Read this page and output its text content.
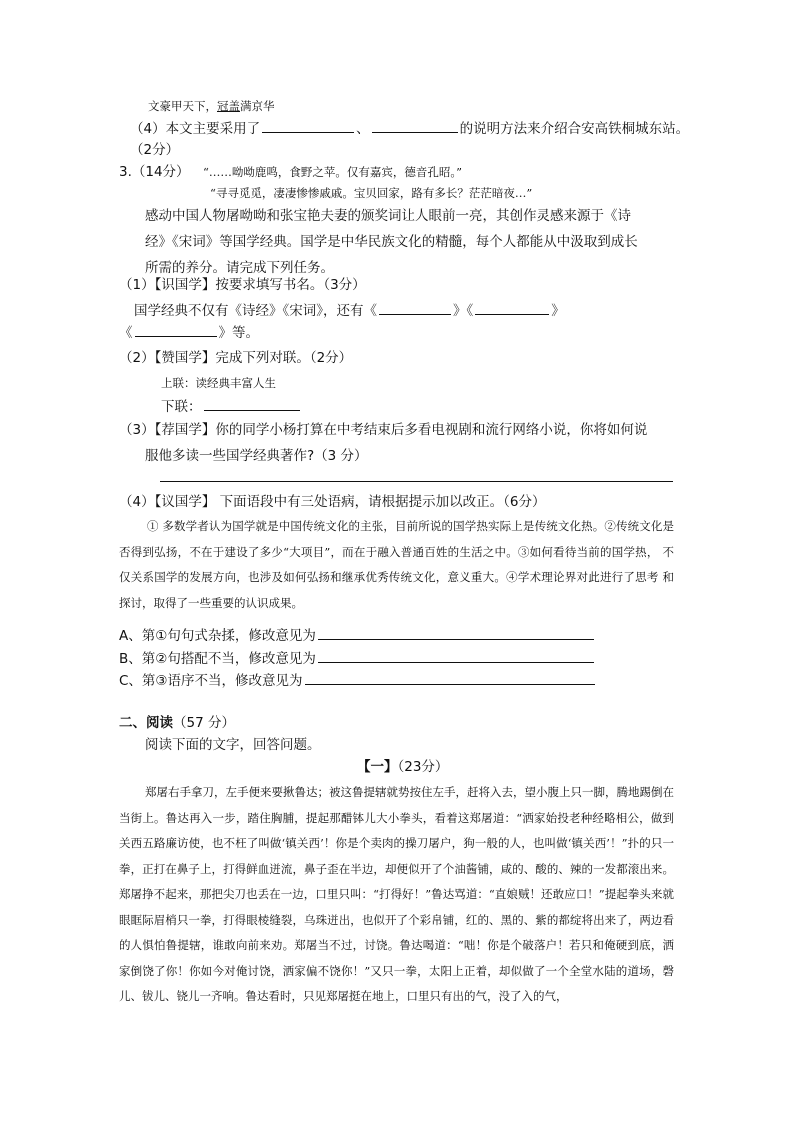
文豪甲天下，冠盖满京华
（4）本文主要采用了	、	的说明方法来介绍合安高铁桐城东站。
（2分）
3.（14分） “……呦呦鹿鸣，食野之苹。仅有嘉宾，德音孔昭。”
“寻寻觅觅，凄凄惨惨戚戚。宝贝回家，路有多长？茫茫暗夜…”
感动中国人物屠呦呦和张宝艳夫妻的颁奖词让人眼前一亮，其创作灵感来源于《诗
经》《宋词》等国学经典。国学是中华民族文化的精髓，每个人都能从中汲取到成长
所需的养分。请完成下列任务。
（1）【识国学】按要求填写书名。（3分）
国学经典不仅有《诗经》《宋词》，还有《	》《	》
《	》等。
（2）【赞国学】完成下列对联。（2分）
上联：读经典丰富人生
下联：
（3）【荐国学】你的同学小杨打算在中考结束后多看电视剧和流行网络小说，你将如何说
服他多读一些国学经典著作?（3 分）
（4）【议国学】 下面语段中有三处语病，请根据提示加以改正。（6分）
① 多数学者认为国学就是中国传统文化的主张，目前所说的国学热实际上是传统文化热。②传统文化是否得到弘扬，不在于建设了多少“大项目”，而在于融入普通百姓的生活之中。③如何看待当前的国学热， 不仅关系国学的发展方向，也涉及如何弘扬和继承优秀传统文化，意义重大。④学术理论界对此进行了思考 和探讨，取得了一些重要的认识成果。
A、第①句句式杂揉，修改意见为
B、第②句搭配不当，修改意见为
C、第③语序不当，修改意见为
二、阅读（57 分）
阅读下面的文字，回答问题。
【一】（23分）
郑屠右手拿刀，左手便来要揪鲁达；被这鲁提辖就势按住左手，赶将入去，望小腹上只一脚，腾地踢倒在当街上。鲁达再入一步，踏住胸脯，提起那醋钵儿大小拳头，看着这郑屠道：“洒家始投老种经略相公，做到关西五路廉访使，也不枉了叫做‘镇关西’！你是个卖肉的操刀屠户，狗一般的人，也叫做‘镇关西’！”扑的只一拳，正打在鼻子上，打得鲜血迸流，鼻子歪在半边，却便似开了个油酱铺，咸的、酸的、辣的一发都滚出来。郑屠挣不起来，那把尖刀也丢在一边，口里只叫：“打得好！”鲁达骂道：“直娘贼！还敢应口！”提起拳头来就眼眶际眉梢只一拳，打得眼棱缝裂，乌珠迸出，也似开了个彩帛铺，红的、黑的、紫的都绽将出来了，两边看的人惧怕鲁提辖，谁敢向前来劝。郑屠当不过，讨饶。鲁达喝道：“咄！你是个破落户！若只和俺硬到底，洒家倒饶了你！你如今对俺讨饶，洒家偏不饶你！”又只一拳，太阳上正着，却似做了一个全堂水陆的道场，磬儿、钹儿、铙儿一齐响。鲁达看时，只见郑屠挺在地上，口里只有出的气，没了入的气，
